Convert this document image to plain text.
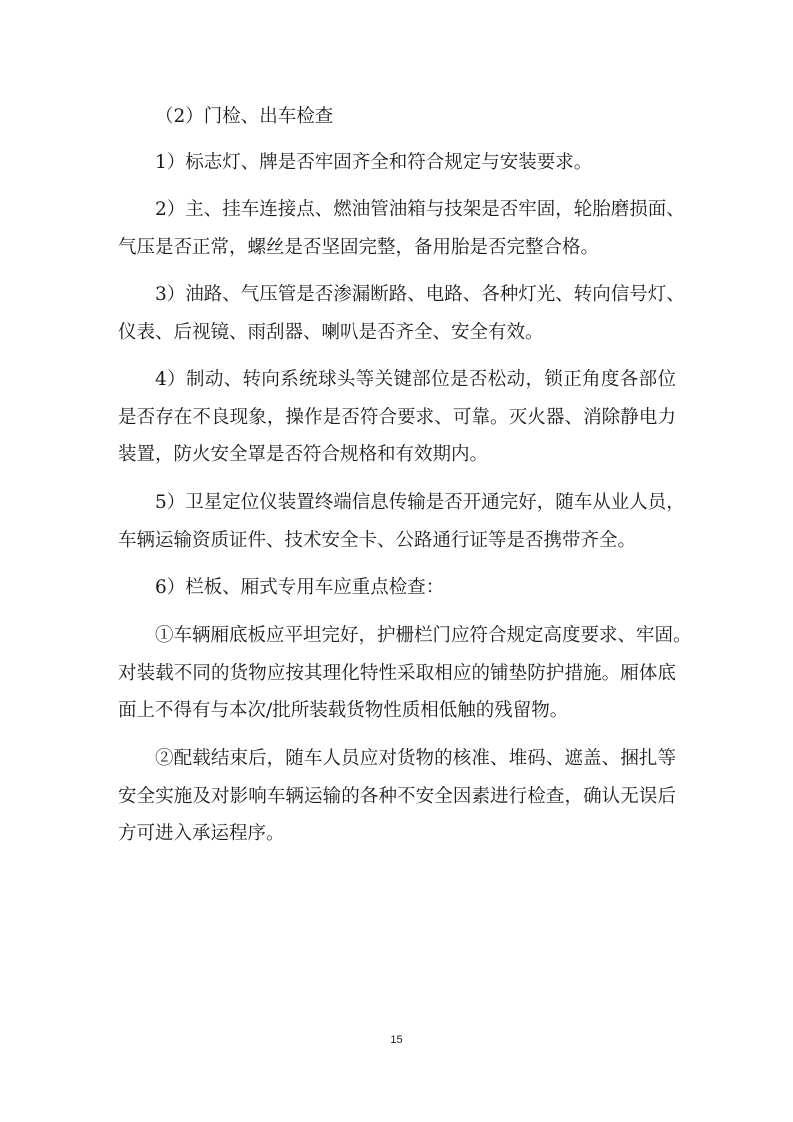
（2）门检、出车检查
1）标志灯、牌是否牢固齐全和符合规定与安装要求。
2）主、挂车连接点、燃油管油箱与技架是否牢固，轮胎磨损面、
气压是否正常，螺丝是否坚固完整，备用胎是否完整合格。
3）油路、气压管是否渗漏断路、电路、各种灯光、转向信号灯、
仪表、后视镜、雨刮器、喇叭是否齐全、安全有效。
4）制动、转向系统球头等关键部位是否松动，锁正角度各部位
是否存在不良现象，操作是否符合要求、可靠。灭火器、消除静电力
装置，防火安全罩是否符合规格和有效期内。
5）卫星定位仪装置终端信息传输是否开通完好，随车从业人员，
车辆运输资质证件、技术安全卡、公路通行证等是否携带齐全。
6）栏板、厢式专用车应重点检查：
①车辆厢底板应平坦完好，护栅栏门应符合规定高度要求、牢固。
对装载不同的货物应按其理化特性采取相应的铺垫防护措施。厢体底
面上不得有与本次/批所装载货物性质相低触的残留物。
②配载结束后，随车人员应对货物的核准、堆码、遮盖、捆扎等
安全实施及对影响车辆运输的各种不安全因素进行检查，确认无误后
方可进入承运程序。
15
